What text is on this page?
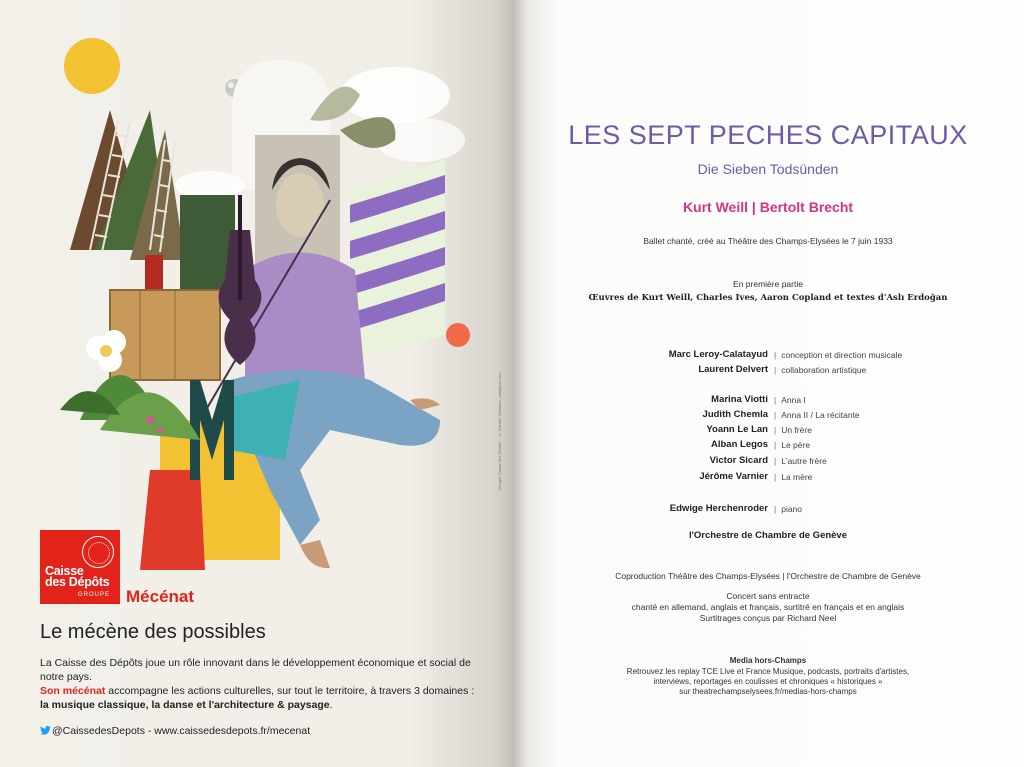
Groupe Caisse des Dépôts – © Nazario Graziano, collagene.com
Caisse
des Dépôts
GROUPE Mécénat
Le mécène des possibles
La Caisse des Dépôts joue un rôle innovant dans le développement économique et social de notre pays.
Son mécénat accompagne les actions culturelles, sur tout le territoire, à travers 3 domaines :
la musique classique, la danse et l'architecture & paysage.
@CaissedesDepots - www.caissedesdepots.fr/mecenat
LES SEPT PECHES CAPITAUX
Die Sieben Todsünden
Kurt Weill | Bertolt Brecht
Ballet chanté, créé au Théâtre des Champs-Elysées le 7 juin 1933
En première partie
Œuvres de Kurt Weill, Charles Ives, Aaron Copland et textes d'Aslı Erdoğan
Marc Leroy-Calatayud	| conception et direction musicale
Laurent Delvert	| collaboration artistique
Marina Viotti	| Anna I
Judith Chemla	| Anna II / La récitante
Yoann Le Lan	| Un frère
Alban Legos	| Le père
Victor Sicard	| L'autre frère
Jérôme Varnier	| La mère
Edwige Herchenroder	| piano
l'Orchestre de Chambre de Genève
Coproduction Théâtre des Champs-Elysées | l'Orchestre de Chambre de Genève
Concert sans entracte
chanté en allemand, anglais et français, surtitré en français et en anglais
Surtitrages conçus par Richard Neel
Media hors-Champs
Retrouvez les replay TCE Live et France Musique, podcasts, portraits d'artistes,
interviews, reportages en coulisses et chroniques « historiques »
sur theatrechampselysees.fr/medias-hors-champs
